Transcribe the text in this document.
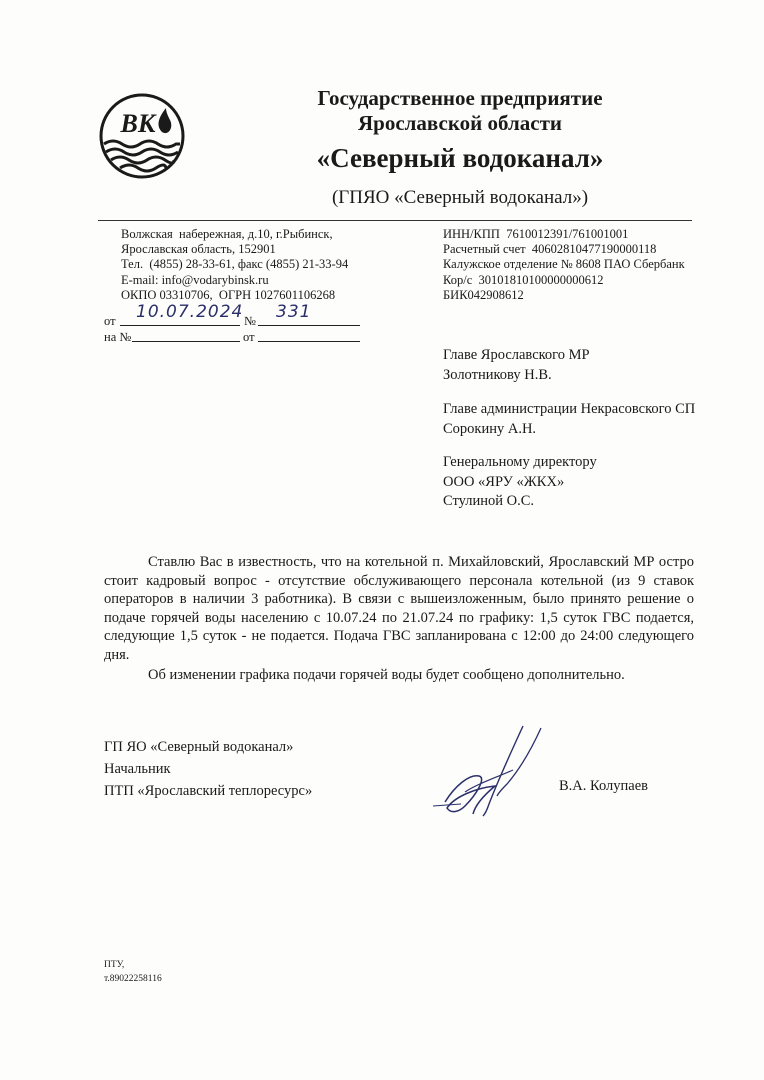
ВК
Государственное предприятие
Ярославской области
«Северный водоканал»
(ГПЯО «Северный водоканал»)
Волжская  набережная, д.10, г.Рыбинск,
Ярославская область, 152901
Тел.  (4855) 28-33-61, факс (4855) 21-33-94
E-mail: info@vodarybinsk.ru
ОКПО 03310706,  ОГРН 1027601106268
ИНН/КПП  7610012391/761001001
Расчетный счет  40602810477190000118
Калужское отделение № 8608 ПАО Сбербанк
Кор/с  30101810100000000612
БИК042908612
от 10.07.2024 № 331
на №	от
Главе Ярославского МР
Золотникову Н.В.
Главе администрации Некрасовского СП
Сорокину А.Н.
Генеральному директору
ООО «ЯРУ «ЖКХ»
Стулиной О.С.

Ставлю Вас в известность, что на котельной п. Михайловский, Ярославский МР остро стоит кадровый вопрос - отсутствие обслуживающего персонала котельной (из 9 ставок операторов в наличии 3 работника). В связи с вышеизложенным, было принято решение о подаче горячей воды населению с 10.07.24 по 21.07.24 по графику: 1,5 суток ГВС подается, следующие 1,5 суток - не подается. Подача ГВС запланирована с 12:00 до 24:00 следующего дня.

Об изменении графика подачи горячей воды будет сообщено дополнительно.

ГП ЯО «Северный водоканал»
Начальник
ПТП «Ярославский теплоресурс»	В.А. Колупаев
ПТУ,
т.89022258116
